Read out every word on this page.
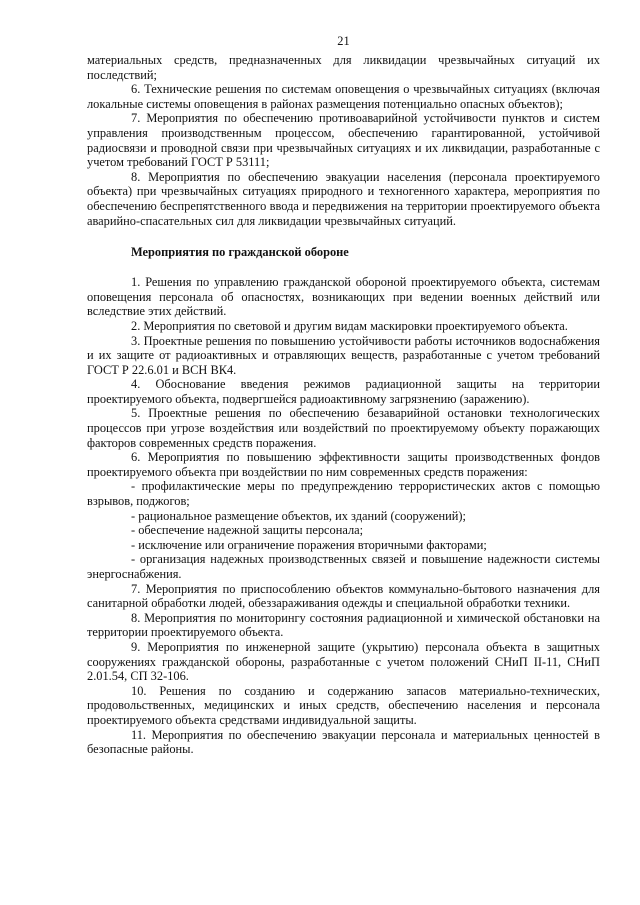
21

материальных средств, предназначенных для ликвидации чрезвычайных ситуаций их последствий;

6. Технические решения по системам оповещения о чрезвычайных ситуациях (включая локальные системы оповещения в районах размещения потенциально опасных объектов);

7. Мероприятия по обеспечению противоаварийной устойчивости пунктов и систем управления производственным процессом, обеспечению гарантированной, устойчивой радиосвязи и проводной связи при чрезвычайных ситуациях и их ликвидации, разработанные с учетом требований ГОСТ Р 53111;

8. Мероприятия по обеспечению эвакуации населения (персонала проектируемого объекта) при чрезвычайных ситуациях природного и техногенного характера, мероприятия по обеспечению беспрепятственного ввода и передвижения на территории проектируемого объекта аварийно-спасательных сил для ликвидации чрезвычайных ситуаций.

Мероприятия по гражданской обороне

1. Решения по управлению гражданской обороной проектируемого объекта, системам оповещения персонала об опасностях, возникающих при ведении военных действий или вследствие этих действий.

2. Мероприятия по световой и другим видам маскировки проектируемого объекта.

3. Проектные решения по повышению устойчивости работы источников водоснабжения и их защите от радиоактивных и отравляющих веществ, разработанные с учетом требований ГОСТ Р 22.6.01 и ВСН ВК4.

4. Обоснование введения режимов радиационной защиты на территории проектируемого объекта, подвергшейся радиоактивному загрязнению (заражению).

5. Проектные решения по обеспечению безаварийной остановки технологических процессов при угрозе воздействия или воздействий по проектируемому объекту поражающих факторов современных средств поражения.

6. Мероприятия по повышению эффективности защиты производственных фондов проектируемого объекта при воздействии по ним современных средств поражения:

- профилактические меры по предупреждению террористических актов с помощью взрывов, поджогов;

- рациональное размещение объектов, их зданий (сооружений);

- обеспечение надежной защиты персонала;

- исключение или ограничение поражения вторичными факторами;

- организация надежных производственных связей и повышение надежности системы энергоснабжения.

7. Мероприятия по приспособлению объектов коммунально-бытового назначения для санитарной обработки людей, обеззараживания одежды и специальной обработки техники.

8. Мероприятия по мониторингу состояния радиационной и химической обстановки на территории проектируемого объекта.

9. Мероприятия по инженерной защите (укрытию) персонала объекта в защитных сооружениях гражданской обороны, разработанные с учетом положений СНиП II-11, СНиП 2.01.54, СП 32-106.

10. Решения по созданию и содержанию запасов материально-технических, продовольственных, медицинских и иных средств, обеспечению населения и персонала проектируемого объекта средствами индивидуальной защиты.

11. Мероприятия по обеспечению эвакуации персонала и материальных ценностей в безопасные районы.
